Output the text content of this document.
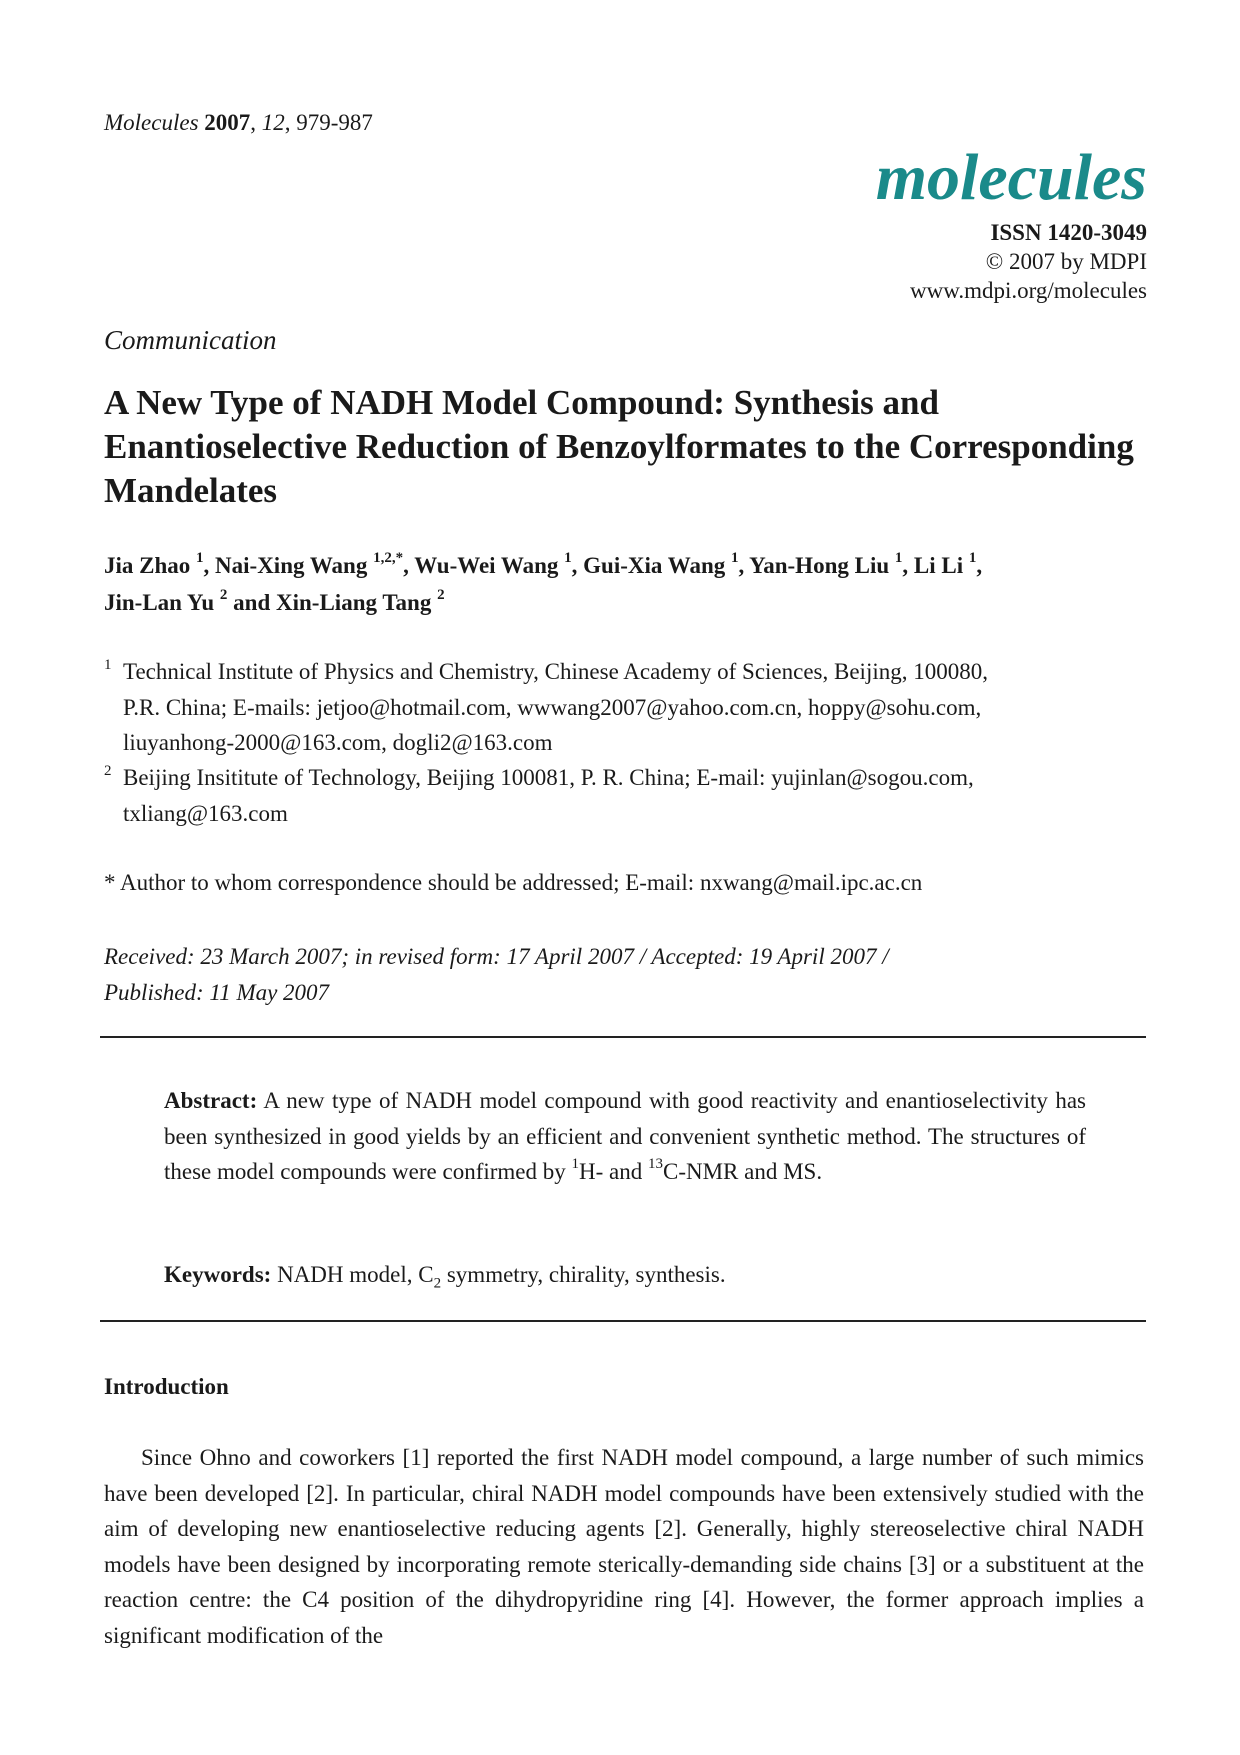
Molecules 2007, 12, 979-987
molecules
ISSN 1420-3049
© 2007 by MDPI
www.mdpi.org/molecules
Communication
A New Type of NADH Model Compound: Synthesis and Enantioselective Reduction of Benzoylformates to the Corresponding Mandelates
Jia Zhao $^1$, Nai-Xing Wang $^{1,2,*}$, Wu-Wei Wang $^1$, Gui-Xia Wang $^1$, Yan-Hong Liu $^1$, Li Li $^1$,
Jin-Lan Yu $^2$ and Xin-Liang Tang $^2$
1 Technical Institute of Physics and Chemistry, Chinese Academy of Sciences, Beijing, 100080,
P.R. China; E-mails: jetjoo@hotmail.com, wwwang2007@yahoo.com.cn, hoppy@sohu.com,
liuyanhong-2000@163.com, dogli2@163.com
2 Beijing Insititute of Technology, Beijing 100081, P. R. China; E-mail: yujinlan@sogou.com,
txliang@163.com
* Author to whom correspondence should be addressed; E-mail: nxwang@mail.ipc.ac.cn
Received: 23 March 2007; in revised form: 17 April 2007 / Accepted: 19 April 2007 /
Published: 11 May 2007
Abstract: A new type of NADH model compound with good reactivity and enantioselectivity has been synthesized in good yields by an efficient and convenient synthetic method. The structures of these model compounds were confirmed by $^1$H- and $^{13}$C-NMR and MS.
Keywords: NADH model, $C_2$ symmetry, chirality, synthesis.
Introduction
Since Ohno and coworkers [1] reported the first NADH model compound, a large number of such mimics have been developed [2]. In particular, chiral NADH model compounds have been extensively studied with the aim of developing new enantioselective reducing agents [2]. Generally, highly stereoselective chiral NADH models have been designed by incorporating remote sterically-demanding side chains [3] or a substituent at the reaction centre: the C4 position of the dihydropyridine ring [4]. However, the former approach implies a significant modification of the
